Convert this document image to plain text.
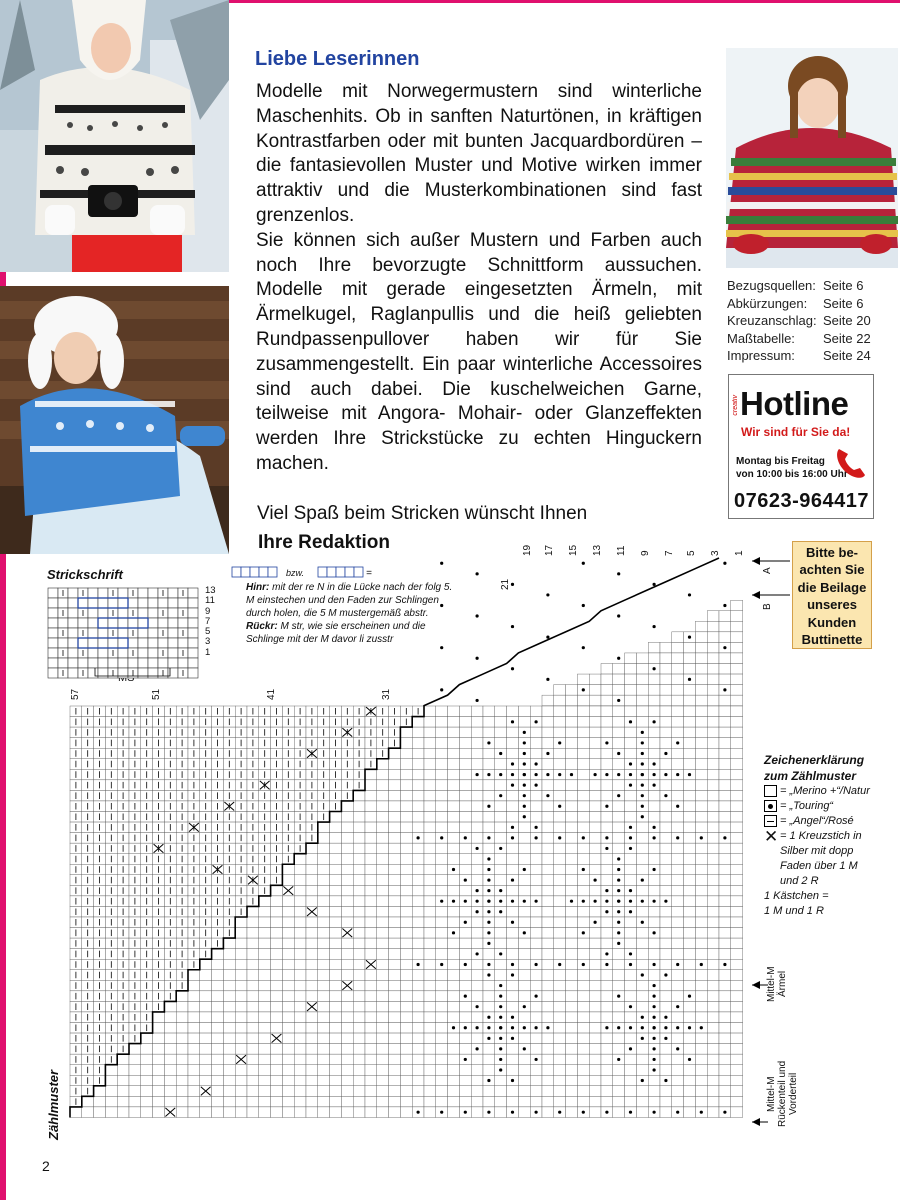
Liebe Leserinnen

Modelle mit Norwegermustern sind winterliche Maschenhits. Ob in sanften Naturtönen, in kräftigen Kontrastfarben oder mit bunten Jacquardbordüren – die fantasievollen Muster und Motive wirken immer attraktiv und die Musterkombinationen sind fast grenzenlos.

Sie können sich außer Mustern und Farben auch noch Ihre bevorzugte Schnittform aussuchen. Modelle mit gerade eingesetzten Ärmeln, mit Ärmelkugel, Raglanpullis und die heiß geliebten Rundpassenpullover haben wir für Sie zusammengestellt. Ein paar winterliche Accessoires sind auch dabei. Die kuschelweichen Garne, teilweise mit Angora- Mohair- oder Glanzeffekten werden Ihre Strickstücke zu echten Hinguckern machen.

Viel Spaß beim Stricken wünscht Ihnen
Ihre Redaktion
Bezugsquellen: Seite 6
Abkürzungen:	Seite 6
Kreuzanschlag: Seite 20
Maßtabelle:	Seite 22
Impressum:	Seite 24
creativ Hotline
Wir sind für Sie da!
Montag bis Freitag
von 10:00 bis 16:00 Uhr
07623-964417
Bitte be-
achten Sie
die Beilage
unseres
Kunden
Buttinette
Strickschrift
13
11
9
7
5
3
1
bzw.	=
Hinr: mit der re N in die Lücke nach der folg 5. M einstechen und den Faden zur Schlingen durch holen, die 5 M mustergemäß abstr.
Rückr: M str, wie sie erscheinen und die Schlinge mit der M davor li zusstr
Zeichenerklärung
zum Zählmuster
= „Merino +“/Natur
= „Touring“
= „Angel“/Rosé
✕ = 1 Kreuzstich in
Silber mit dopp
Faden über 1 M
und 2 R
1 Kästchen =
1 M und 1 R
Mittel-M Ärmel
Mittel-M Rückenteil und Vorderteil
Zählmuster
2
1
3
5
7
9
11
13
15
17
19
21
31
41
51
57
A
B
